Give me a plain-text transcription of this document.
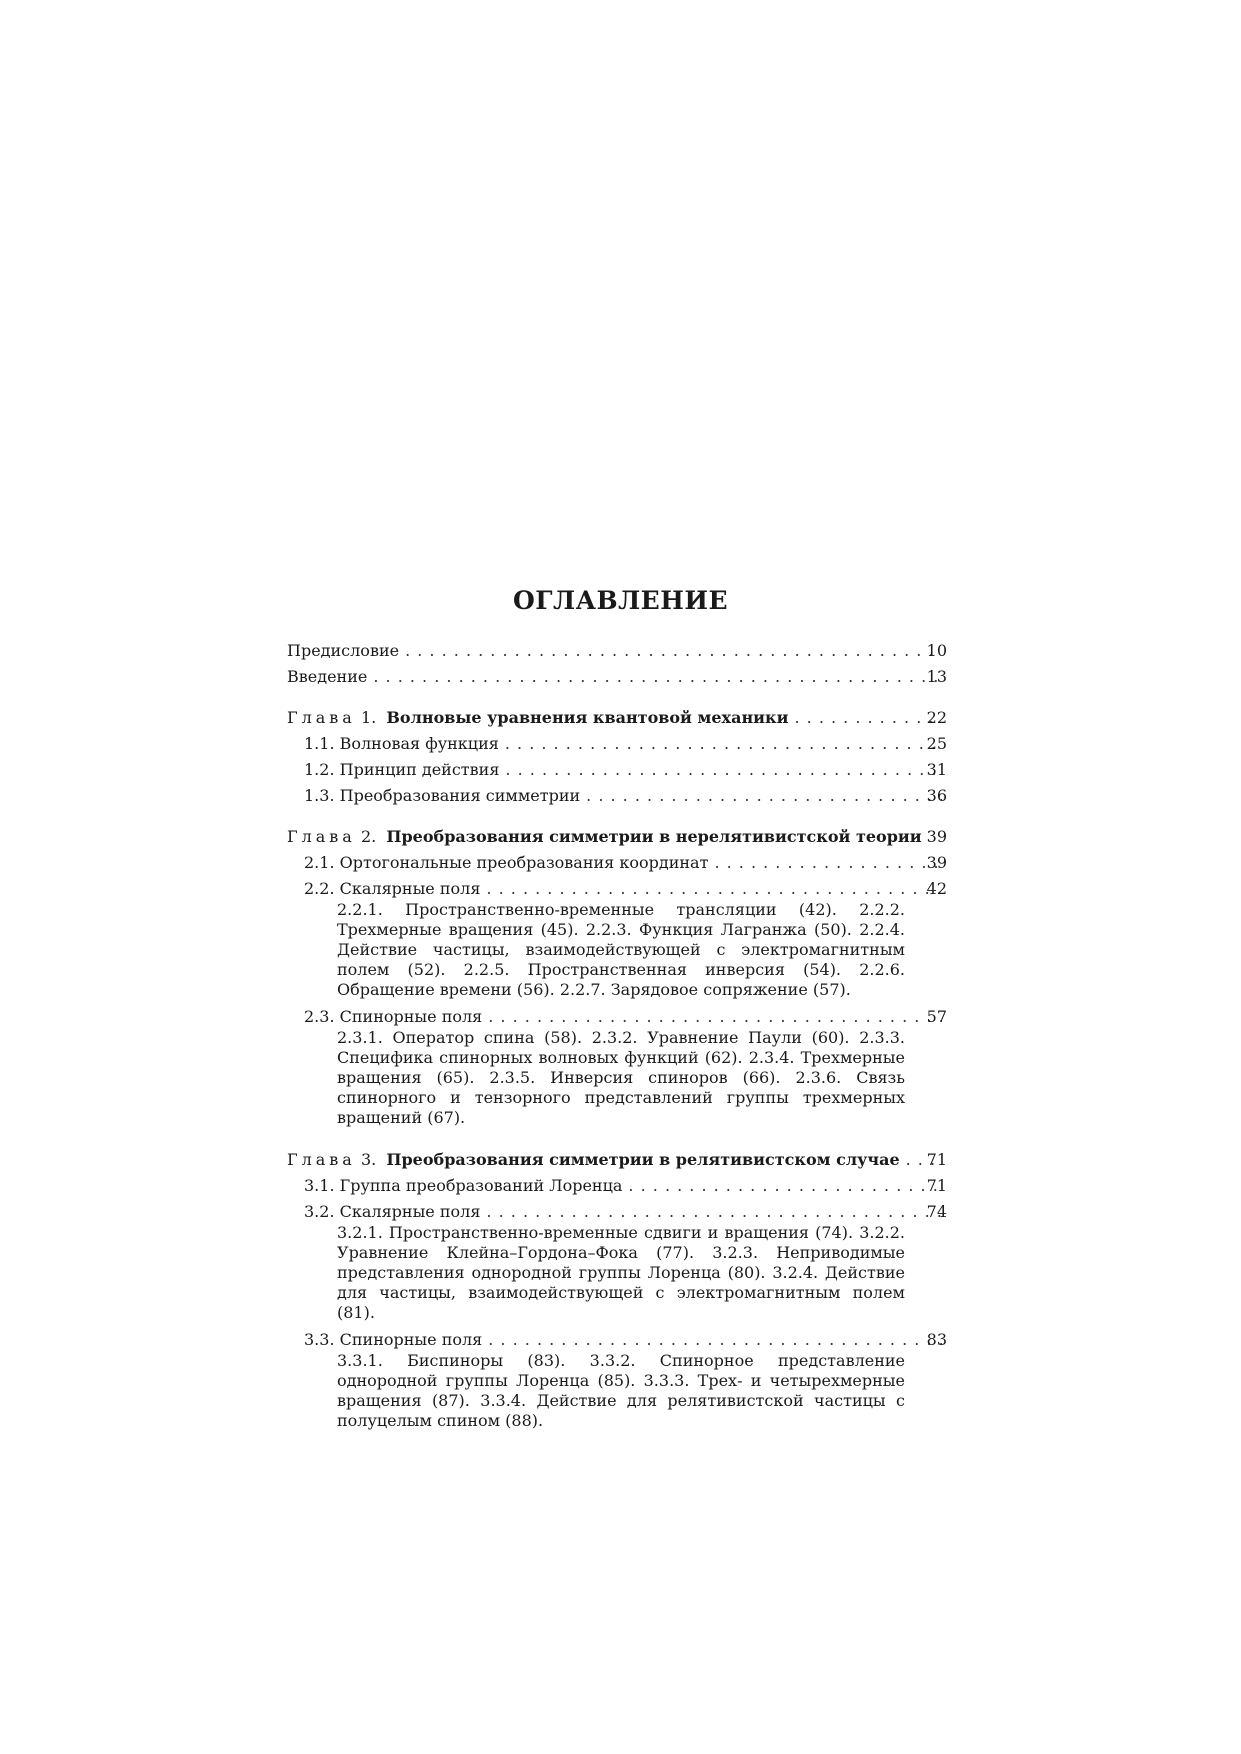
ОГЛАВЛЕНИЕ
Предисловие . . .	10
Введение . . .	13
Глава 1. Волновые уравнения квантовой механики . . .	22
1.1. Волновая функция . . .	25
1.2. Принцип действия . . .	31
1.3. Преобразования симметрии . . .	36
Глава 2. Преобразования симметрии в нерелятивистской теории 39
2.1. Ортогональные преобразования координат . . .	39
2.2. Скалярные поля . . .	42
2.2.1. Пространственно-временные трансляции (42). 2.2.2. Трехмерные вращения (45). 2.2.3. Функция Лагранжа (50). 2.2.4. Действие частицы, взаимодействующей с электромагнитным полем (52). 2.2.5. Пространственная инверсия (54). 2.2.6. Обращение времени (56). 2.2.7. Зарядовое сопряжение (57).
2.3. Спинорные поля . . .	57
2.3.1. Оператор спина (58). 2.3.2. Уравнение Паули (60). 2.3.3. Специфика спинорных волновых функций (62). 2.3.4. Трехмерные вращения (65). 2.3.5. Инверсия спиноров (66). 2.3.6. Связь спинорного и тензорного представлений группы трехмерных вращений (67).
Глава 3. Преобразования симметрии в релятивистском случае . . .	71
3.1. Группа преобразований Лоренца . . .	71
3.2. Скалярные поля . . .	74
3.2.1. Пространственно-временные сдвиги и вращения (74). 3.2.2. Уравнение Клейна–Гордона–Фока (77). 3.2.3. Неприводимые представления однородной группы Лоренца (80). 3.2.4. Действие для частицы, взаимодействующей с электромагнитным полем (81).
3.3. Спинорные поля . . .	83
3.3.1. Биспиноры (83). 3.3.2. Спинорное представление однородной группы Лоренца (85). 3.3.3. Трех- и четырехмерные вращения (87). 3.3.4. Действие для релятивистской частицы с полуцелым спином (88).
